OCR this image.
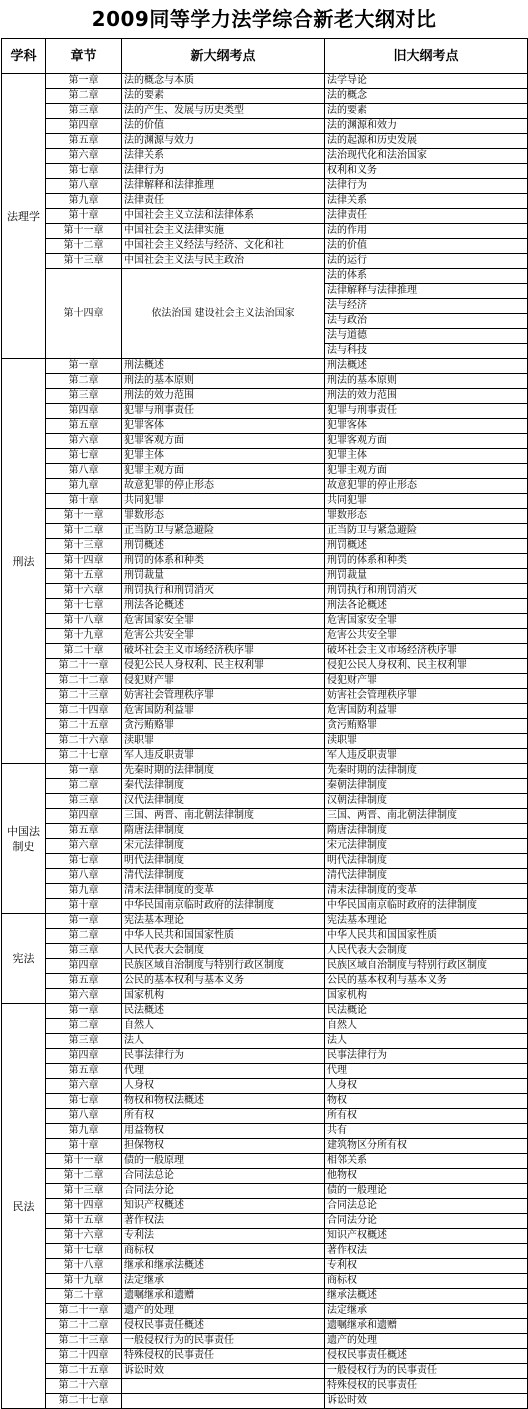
2009同等学力法学综合新老大纲对比
学科	章节	新大纲考点	旧大纲考点
法理学	第一章	法的概念与本质	法学导论
	第二章	法的要素	法的概念
	第三章	法的产生、发展与历史类型	法的要素
	第四章	法的价值	法的渊源和效力
	第五章	法的渊源与效力	法的起源和历史发展
	第六章	法律关系	法治现代化和法治国家
	第七章	法律行为	权利和义务
	第八章	法律解释和法律推理	法律行为
	第九章	法律责任	法律关系
	第十章	中国社会主义立法和法律体系	法律责任
	第十一章	中国社会主义法律实施	法的作用
	第十二章	中国社会主义经法与经济、文化和社	法的价值
	第十三章	中国社会主义法与民主政治	法的运行
	第十四章	依法治国 建设社会主义法治国家	法的体系
			法律解释与法律推理
			法与经济
			法与政治
			法与道德
			法与科技
刑法	第一章	刑法概述	刑法概述
	第二章	刑法的基本原则	刑法的基本原则
	第三章	刑法的效力范围	刑法的效力范围
	第四章	犯罪与刑事责任	犯罪与刑事责任
	第五章	犯罪客体	犯罪客体
	第六章	犯罪客观方面	犯罪客观方面
	第七章	犯罪主体	犯罪主体
	第八章	犯罪主观方面	犯罪主观方面
	第九章	故意犯罪的停止形态	故意犯罪的停止形态
	第十章	共同犯罪	共同犯罪
	第十一章	罪数形态	罪数形态
	第十二章	正当防卫与紧急避险	正当防卫与紧急避险
	第十三章	刑罚概述	刑罚概述
	第十四章	刑罚的体系和种类	刑罚的体系和种类
	第十五章	刑罚裁量	刑罚裁量
	第十六章	刑罚执行和刑罚消灭	刑罚执行和刑罚消灭
	第十七章	刑法各论概述	刑法各论概述
	第十八章	危害国家安全罪	危害国家安全罪
	第十九章	危害公共安全罪	危害公共安全罪
	第二十章	破坏社会主义市场经济秩序罪	破坏社会主义市场经济秩序罪
	第二十一章	侵犯公民人身权利、民主权利罪	侵犯公民人身权利、民主权利罪
	第二十二章	侵犯财产罪	侵犯财产罪
	第二十三章	妨害社会管理秩序罪	妨害社会管理秩序罪
	第二十四章	危害国防利益罪	危害国防利益罪
	第二十五章	贪污贿赂罪	贪污贿赂罪
	第二十六章	渎职罪	渎职罪
	第二十七章	军人违反职责罪	军人违反职责罪
中国法制史	第一章	先秦时期的法律制度	先秦时期的法律制度
	第二章	秦代法律制度	秦朝法律制度
	第三章	汉代法律制度	汉朝法律制度
	第四章	三国、两晋、南北朝法律制度	三国、两晋、南北朝法律制度
	第五章	隋唐法律制度	隋唐法律制度
	第六章	宋元法律制度	宋元法律制度
	第七章	明代法律制度	明代法律制度
	第八章	清代法律制度	清代法律制度
	第九章	清末法律制度的变革	清末法律制度的变革
	第十章	中华民国南京临时政府的法律制度	中华民国南京临时政府的法律制度
宪法	第一章	宪法基本理论	宪法基本理论
	第二章	中华人民共和国国家性质	中华人民共和国国家性质
	第三章	人民代表大会制度	人民代表大会制度
	第四章	民族区域自治制度与特别行政区制度	民族区域自治制度与特别行政区制度
	第五章	公民的基本权利与基本义务	公民的基本权利与基本义务
	第六章	国家机构	国家机构
民法	第一章	民法概述	民法概论
	第二章	自然人	自然人
	第三章	法人	法人
	第四章	民事法律行为	民事法律行为
	第五章	代理	代理
	第六章	人身权	人身权
	第七章	物权和物权法概述	物权
	第八章	所有权	所有权
	第九章	用益物权	共有
	第十章	担保物权	建筑物区分所有权
	第十一章	债的一般原理	相邻关系
	第十二章	合同法总论	他物权
	第十三章	合同法分论	债的一般理论
	第十四章	知识产权概述	合同法总论
	第十五章	著作权法	合同法分论
	第十六章	专利法	知识产权概述
	第十七章	商标权	著作权法
	第十八章	继承和继承法概述	专利权
	第十九章	法定继承	商标权
	第二十章	遗嘱继承和遗赠	继承法概述
	第二十一章	遗产的处理	法定继承
	第二十二章	侵权民事责任概述	遗嘱继承和遗赠
	第二十三章	一般侵权行为的民事责任	遗产的处理
	第二十四章	特殊侵权的民事责任	侵权民事责任概述
	第二十五章	诉讼时效	一般侵权行为的民事责任
	第二十六章		特殊侵权的民事责任
	第二十七章		诉讼时效
